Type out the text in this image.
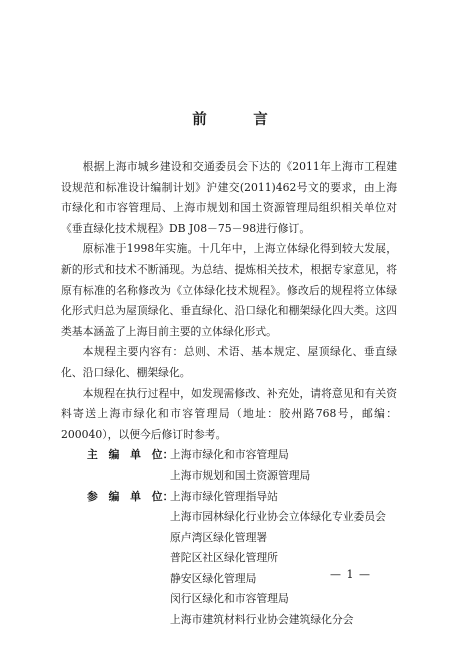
前　言

根据上海市城乡建设和交通委员会下达的《2011年上海市工程建设规范和标准设计编制计划》沪建交(2011)462号文的要求，由上海市绿化和市容管理局、上海市规划和国土资源管理局组织相关单位对《垂直绿化技术规程》DB J08－75－98进行修订。

原标准于1998年实施。十几年中，上海立体绿化得到较大发展，新的形式和技术不断涌现。为总结、提炼相关技术，根据专家意见，将原有标准的名称修改为《立体绿化技术规程》。修改后的规程将立体绿化形式归总为屋顶绿化、垂直绿化、沿口绿化和棚架绿化四大类。这四类基本涵盖了上海目前主要的立体绿化形式。

本规程主要内容有：总则、术语、基本规定、屋顶绿化、垂直绿化、沿口绿化、棚架绿化。

本规程在执行过程中，如发现需修改、补充处，请将意见和有关资料寄送上海市绿化和市容管理局（地址：胶州路768号，邮编：200040），以便今后修订时参考。

主　编　单　位：
上海市绿化和市容管理局
上海市规划和国土资源管理局
参　编　单　位：
上海市绿化管理指导站
上海市园林绿化行业协会立体绿化专业委员会
原卢湾区绿化管理署
普陀区社区绿化管理所
静安区绿化管理局
闵行区绿化和市容管理局
上海市建筑材料行业协会建筑绿化分会
— 1 —
